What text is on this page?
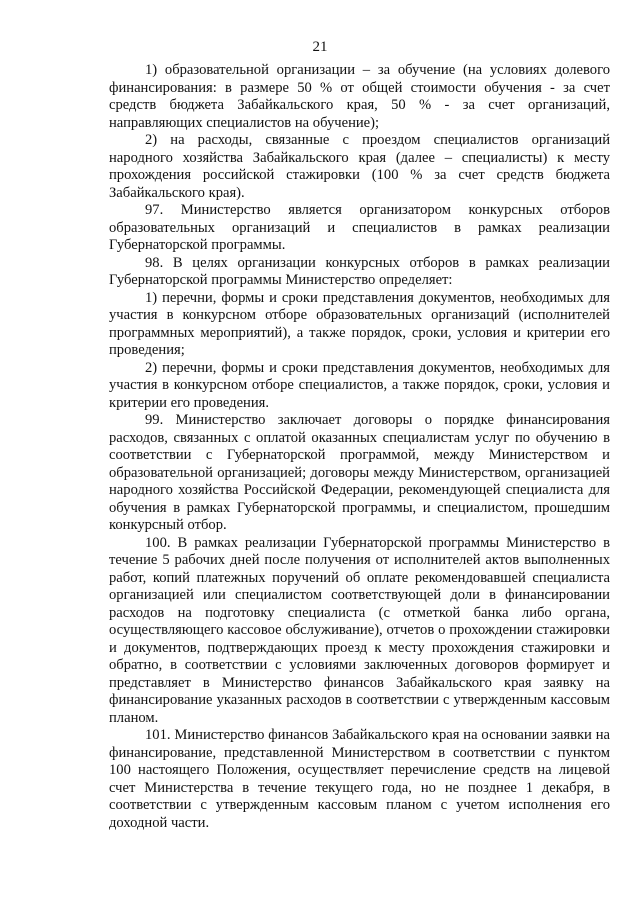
21

1) образовательной организации – за обучение (на условиях долевого финансирования: в размере 50 % от общей стоимости обучения - за счет средств бюджета Забайкальского края, 50 % - за счет организаций, направляющих специалистов на обучение);

2) на расходы, связанные с проездом специалистов организаций народного хозяйства Забайкальского края (далее – специалисты) к месту прохождения российской стажировки (100 % за счет средств бюджета Забайкальского края).

97. Министерство является организатором конкурсных отборов образовательных организаций и специалистов в рамках реализации Губернаторской программы.

98. В целях организации конкурсных отборов в рамках реализации Губернаторской программы Министерство определяет:

1) перечни, формы и сроки представления документов, необходимых для участия в конкурсном отборе образовательных организаций (исполнителей программных мероприятий), а также порядок, сроки, условия и критерии его проведения;

2) перечни, формы и сроки представления документов, необходимых для участия в конкурсном отборе специалистов, а также порядок, сроки, условия и критерии его проведения.

99. Министерство заключает договоры о порядке финансирования расходов, связанных с оплатой оказанных специалистам услуг по обучению в соответствии с Губернаторской программой, между Министерством и образовательной организацией; договоры между Министерством, организацией народного хозяйства Российской Федерации, рекомендующей специалиста для обучения в рамках Губернаторской программы, и специалистом, прошедшим конкурсный отбор.

100. В рамках реализации Губернаторской программы Министерство в течение 5 рабочих дней после получения от исполнителей актов выполненных работ, копий платежных поручений об оплате рекомендовавшей специалиста организацией или специалистом соответствующей доли в финансировании расходов на подготовку специалиста (с отметкой банка либо органа, осуществляющего кассовое обслуживание), отчетов о прохождении стажировки и документов, подтверждающих проезд к месту прохождения стажировки и обратно, в соответствии с условиями заключенных договоров формирует и представляет в Министерство финансов Забайкальского края заявку на финансирование указанных расходов в соответствии с утвержденным кассовым планом.

101. Министерство финансов Забайкальского края на основании заявки на финансирование, представленной Министерством в соответствии с пунктом 100 настоящего Положения, осуществляет перечисление средств на лицевой счет Министерства в течение текущего года, но не позднее 1 декабря, в соответствии с утвержденным кассовым планом с учетом исполнения его доходной части.
